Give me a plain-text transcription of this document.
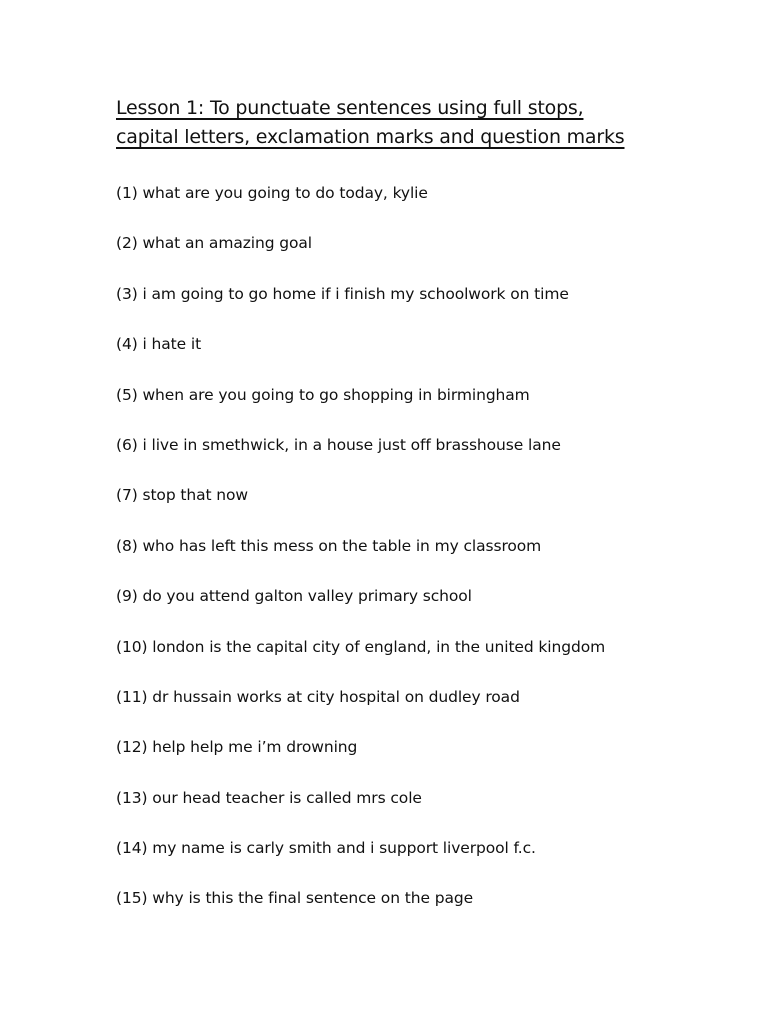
Lesson 1: To punctuate sentences using full stops,
capital letters, exclamation marks and question marks
(1) what are you going to do today, kylie
(2) what an amazing goal
(3) i am going to go home if i finish my schoolwork on time
(4) i hate it
(5) when are you going to go shopping in birmingham
(6) i live in smethwick, in a house just off brasshouse lane
(7) stop that now
(8) who has left this mess on the table in my classroom
(9) do you attend galton valley primary school
(10) london is the capital city of england, in the united kingdom
(11) dr hussain works at city hospital on dudley road
(12) help help me i’m drowning
(13) our head teacher is called mrs cole
(14) my name is carly smith and i support liverpool f.c.
(15) why is this the final sentence on the page
